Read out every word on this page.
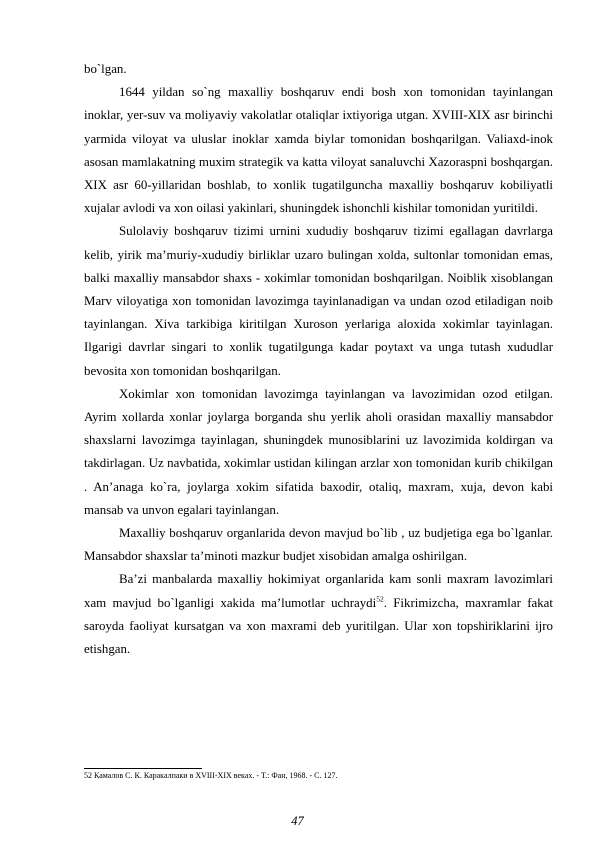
bo`lgan.

1644 yildan so`ng maxalliy boshqaruv endi bosh xon tomonidan tayinlangan inoklar, yer-suv va moliyaviy vakolatlar otaliqlar ixtiyoriga utgan. XVIII-XIX asr birinchi yarmida viloyat va uluslar inoklar xamda biylar tomonidan boshqarilgan. Valiaxd-inok asosan mamlakatning muxim strategik va katta viloyat sanaluvchi Xazoraspni boshqargan. XIX asr 60-yillaridan boshlab, to xonlik tugatilguncha maxalliy boshqaruv kobiliyatli xujalar avlodi va xon oilasi yakinlari, shuningdek ishonchli kishilar tomonidan yuritildi.

Sulolaviy boshqaruv tizimi urnini xududiy boshqaruv tizimi egallagan davrlarga kelib, yirik ma’muriy-xududiy birliklar uzaro bulingan xolda, sultonlar tomonidan emas, balki maxalliy mansabdor shaxs - xokimlar tomonidan boshqarilgan. Noiblik xisoblangan Marv viloyatiga xon tomonidan lavozimga tayinlanadigan va undan ozod etiladigan noib tayinlangan. Xiva tarkibiga kiritilgan Xuroson yerlariga aloxida xokimlar tayinlagan. Ilgarigi davrlar singari to xonlik tugatilgunga kadar poytaxt va unga tutash xududlar bevosita xon tomonidan boshqarilgan.

Xokimlar xon tomonidan lavozimga tayinlangan va lavozimidan ozod etilgan. Ayrim xollarda xonlar joylarga borganda shu yerlik aholi orasidan maxalliy mansabdor shaxslarni lavozimga tayinlagan, shuningdek munosiblarini uz lavozimida koldirgan va takdirlagan. Uz navbatida, xokimlar ustidan kilingan arzlar xon tomonidan kurib chikilgan . An’anaga ko`ra, joylarga xokim sifatida baxodir, otaliq, maxram, xuja, devon kabi mansab va unvon egalari tayinlangan.

Maxalliy boshqaruv organlarida devon mavjud bo`lib , uz budjetiga ega bo`lganlar. Mansabdor shaxslar ta’minoti mazkur budjet xisobidan amalga oshirilgan.

Ba’zi manbalarda maxalliy hokimiyat organlarida kam sonli maxram lavozimlari xam mavjud bo`lganligi xakida ma’lumotlar uchraydi$^{52}$. Fikrimizcha, maxramlar fakat saroyda faoliyat kursatgan va xon maxrami deb yuritilgan. Ular xon topshiriklarini ijro etishgan.

52 Камалов С. К. Каракалпаки в XVIII-XIX веках. - Т.: Фан, 1968. - С. 127.
47
